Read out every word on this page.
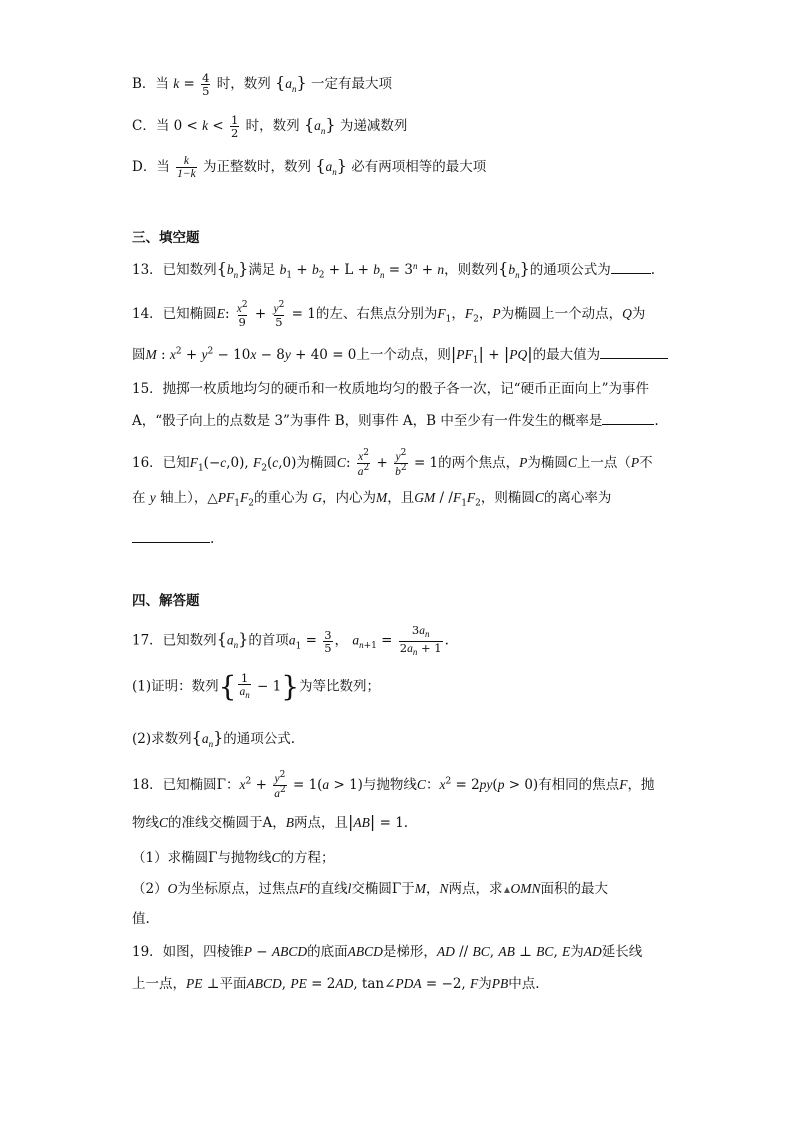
B．当 $k = \frac{4}{5}$ 时，数列 $\{a_n\}$ 一定有最大项
C．当 $0 < k < \frac{1}{2}$ 时，数列 $\{a_n\}$ 为递减数列
D．当 $\frac{k}{1-k}$ 为正整数时，数列 $\{a_n\}$ 必有两项相等的最大项
三、填空题
13．已知数列$\{b_n\}$满足 $b_1 + b_2 + L + b_n = 3^n + n$，则数列$\{b_n\}$的通项公式为	.
14．已知椭圆E: $\frac{x^2}{9} + \frac{y^2}{5} = 1$的左、右焦点分别为$F_1$，$F_2$，P为椭圆上一个动点，Q为
圆M : $x^2 + y^2 - 10x - 8y + 40 = 0$上一个动点，则$|PF_1| + |PQ|$的最大值为
15．抛掷一枚质地均匀的硬币和一枚质地均匀的骰子各一次，记“硬币正面向上”为事件
A，“骰子向上的点数是 3”为事件 B，则事件 A，B 中至少有一件发生的概率是	.
16．已知$F_1(-c,0)$, $F_2(c,0)$为椭圆C: $\frac{x^2}{a^2} + \frac{y^2}{b^2} = 1$的两个焦点，P为椭圆C上一点（P不
在 y 轴上），$\triangle PF_1F_2$的重心为 G，内心为M，且GM / $/F_1F_2$，则椭圆C的离心率为
.
四、解答题
17．已知数列$\{a_n\}$的首项$a_1 = \frac{3}{5}$ ， $a_{n+1} = \frac{3a_n}{2a_n + 1}$ .
(1)证明：数列{ $\frac{1}{a_n} - 1$}为等比数列；
(2)求数列$\{a_n\}$的通项公式.
18．已知椭圆Γ：$x^2 + \frac{y^2}{a^2} = 1(a > 1)$与抛物线C：$x^2 = 2py(p > 0)$有相同的焦点F，抛
物线C的准线交椭圆于A，B两点，且|AB| = 1.
（1）求椭圆Γ与抛物线C的方程；
（2）O为坐标原点，过焦点F的直线l交椭圆Γ于M，N两点，求 OMN面积的最大
值.
19．如图，四棱锥P − ABCD的底面ABCD是梯形，AD // BC, AB ⊥ BC, E为AD延长线
上一点，PE ⊥平面ABCD, PE = 2AD, tan∠PDA = −2, F为PB中点.
